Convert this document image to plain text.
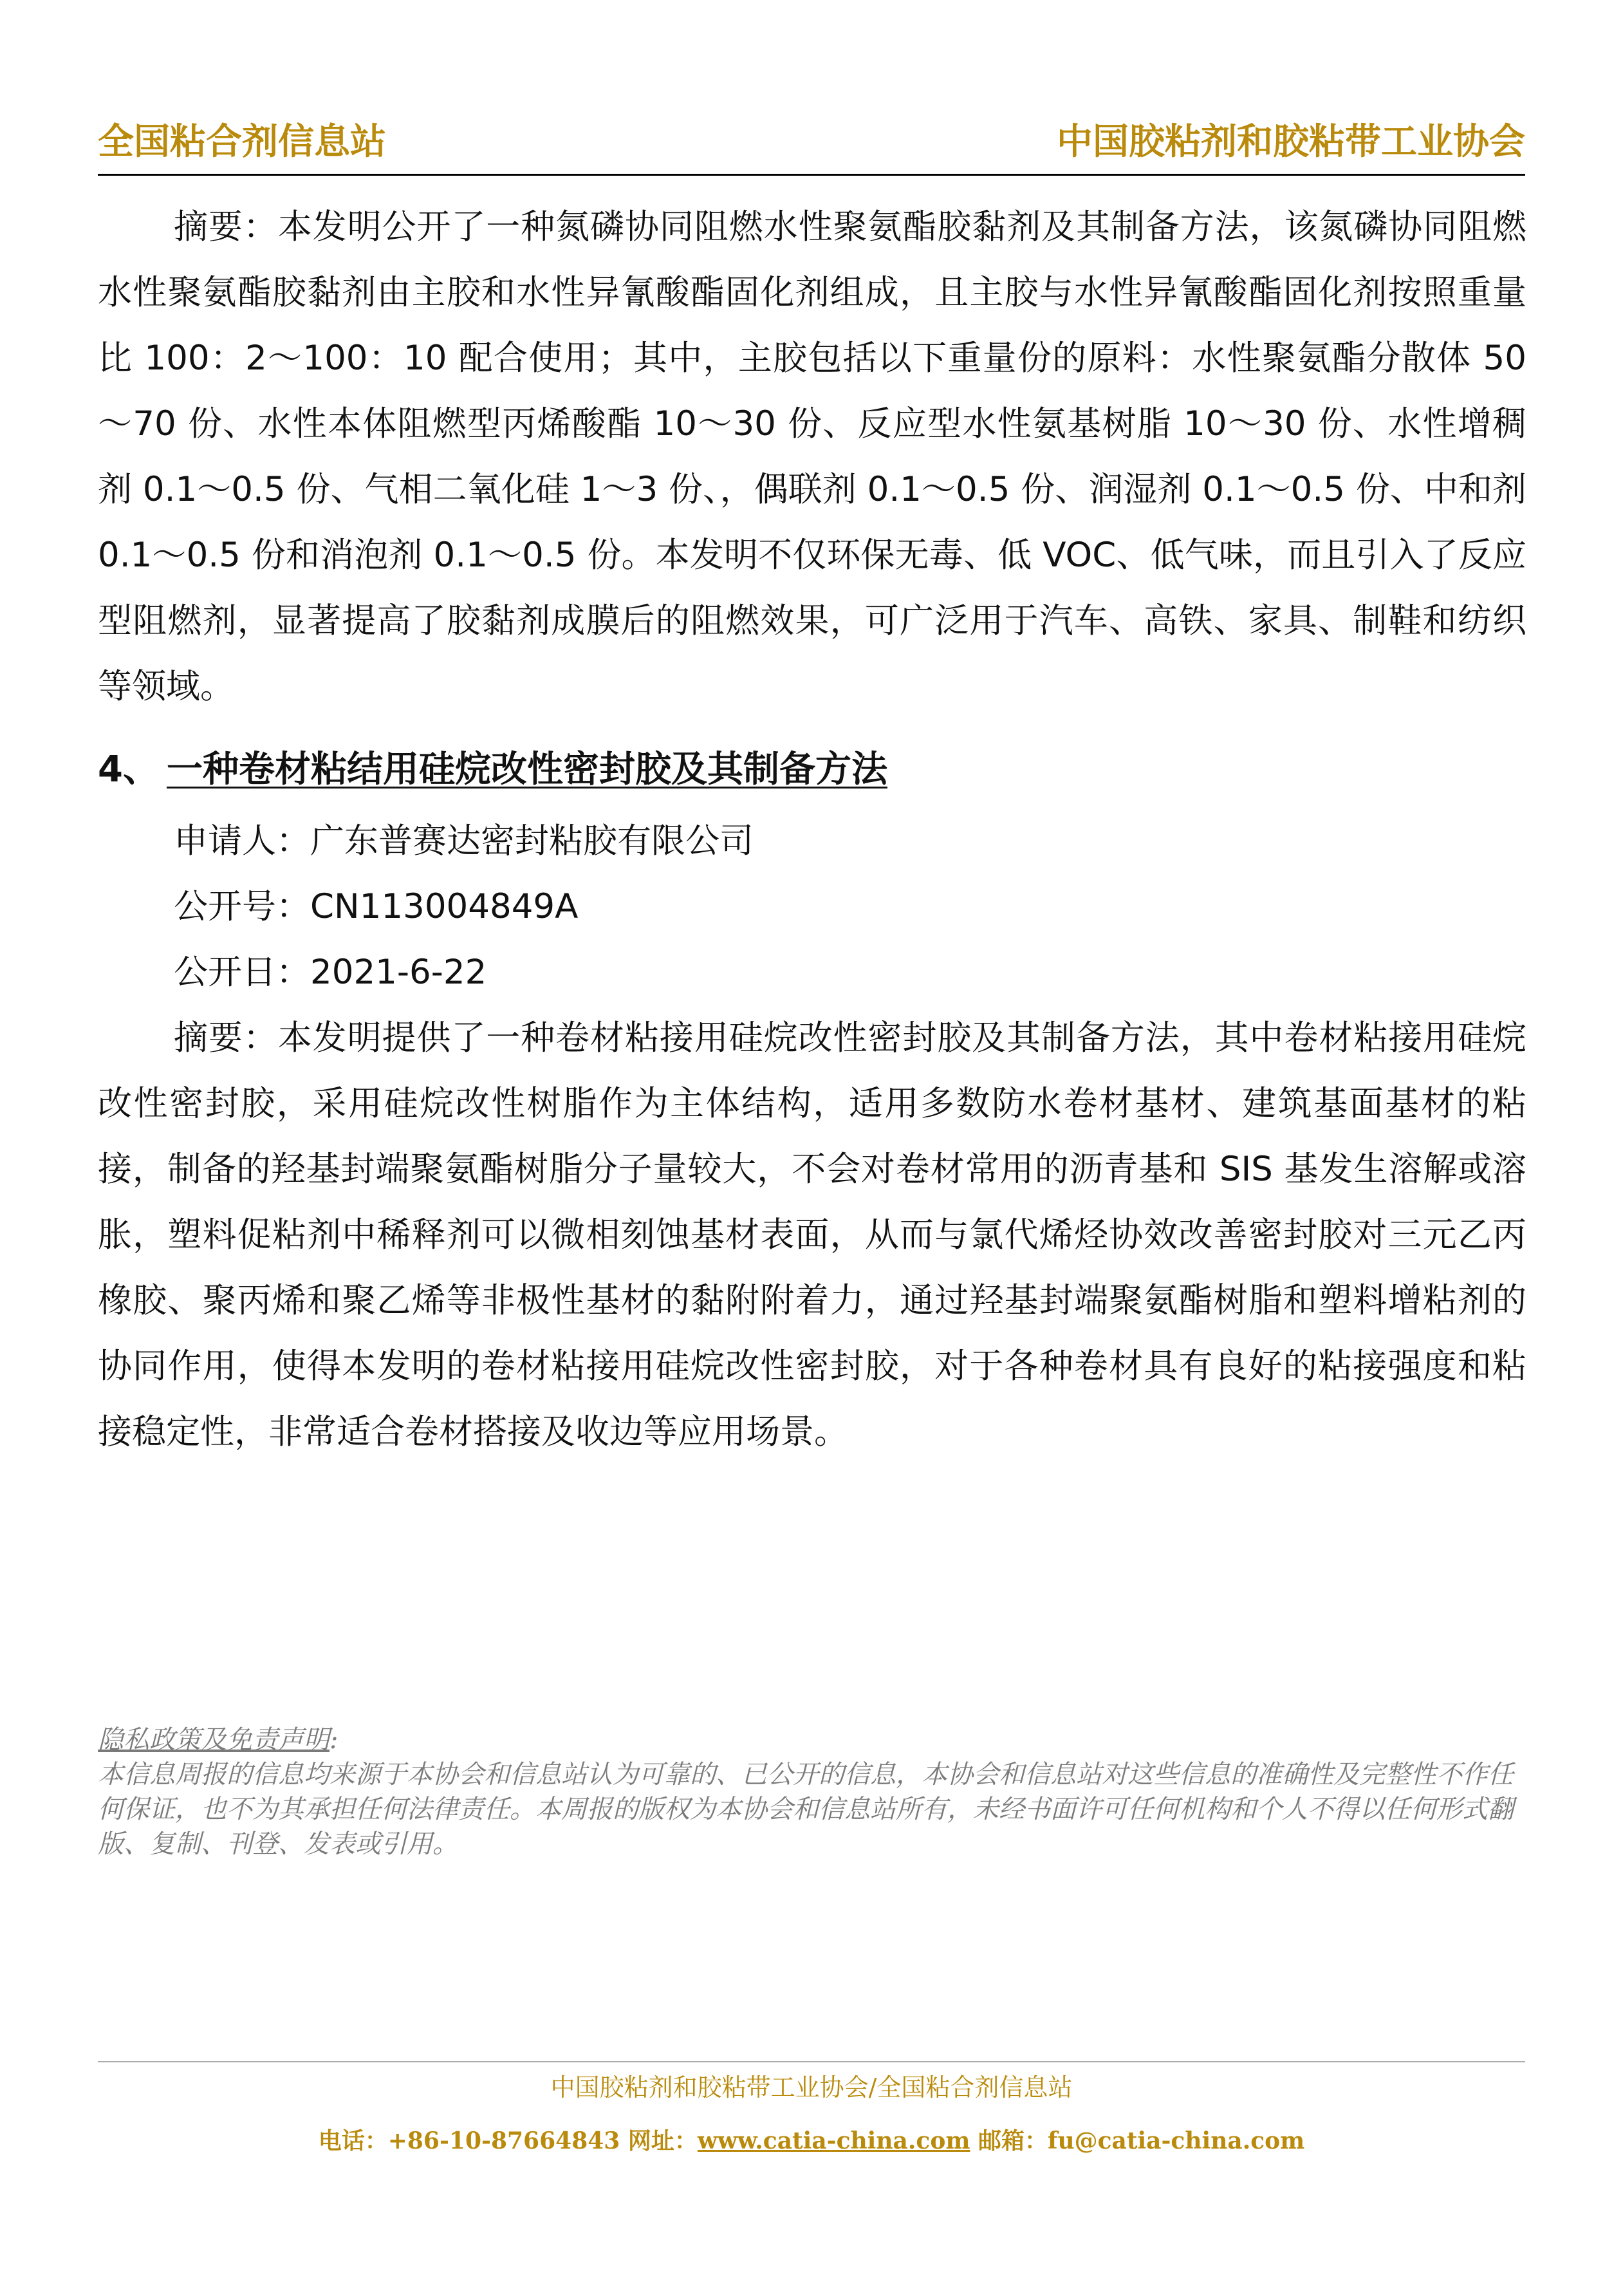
全国粘合剂信息站	中国胶粘剂和胶粘带工业协会

摘要：本发明公开了一种氮磷协同阻燃水性聚氨酯胶黏剂及其制备方法，该氮磷协同阻燃水性聚氨酯胶黏剂由主胶和水性异氰酸酯固化剂组成，且主胶与水性异氰酸酯固化剂按照重量比 100：2～100：10 配合使用；其中，主胶包括以下重量份的原料：水性聚氨酯分散体 50～70 份、水性本体阻燃型丙烯酸酯 10～30 份、反应型水性氨基树脂 10～30 份、水性增稠剂 0.1～0.5 份、气相二氧化硅 1～3 份、，偶联剂 0.1～0.5 份、润湿剂 0.1～0.5 份、中和剂 0.1～0.5 份和消泡剂 0.1～0.5 份。本发明不仅环保无毒、低 VOC、低气味，而且引入了反应型阻燃剂，显著提高了胶黏剂成膜后的阻燃效果，可广泛用于汽车、高铁、家具、制鞋和纺织等领域。

4、 一种卷材粘结用硅烷改性密封胶及其制备方法
申请人：广东普赛达密封粘胶有限公司
公开号：CN113004849A
公开日：2021-6-22

摘要：本发明提供了一种卷材粘接用硅烷改性密封胶及其制备方法，其中卷材粘接用硅烷改性密封胶，采用硅烷改性树脂作为主体结构，适用多数防水卷材基材、建筑基面基材的粘接，制备的羟基封端聚氨酯树脂分子量较大，不会对卷材常用的沥青基和 SIS 基发生溶解或溶胀，塑料促粘剂中稀释剂可以微相刻蚀基材表面，从而与氯代烯烃协效改善密封胶对三元乙丙橡胶、聚丙烯和聚乙烯等非极性基材的黏附附着力，通过羟基封端聚氨酯树脂和塑料增粘剂的协同作用，使得本发明的卷材粘接用硅烷改性密封胶，对于各种卷材具有良好的粘接强度和粘接稳定性，非常适合卷材搭接及收边等应用场景。

隐私政策及免责声明:

本信息周报的信息均来源于本协会和信息站认为可靠的、已公开的信息，本协会和信息站对这些信息的准确性及完整性不作任何保证，也不为其承担任何法律责任。本周报的版权为本协会和信息站所有，未经书面许可任何机构和个人不得以任何形式翻版、复制、刊登、发表或引用。

中国胶粘剂和胶粘带工业协会/全国粘合剂信息站
电话：+86-10-87664843 网址：www.catia-china.com 邮箱：fu@catia-china.com
